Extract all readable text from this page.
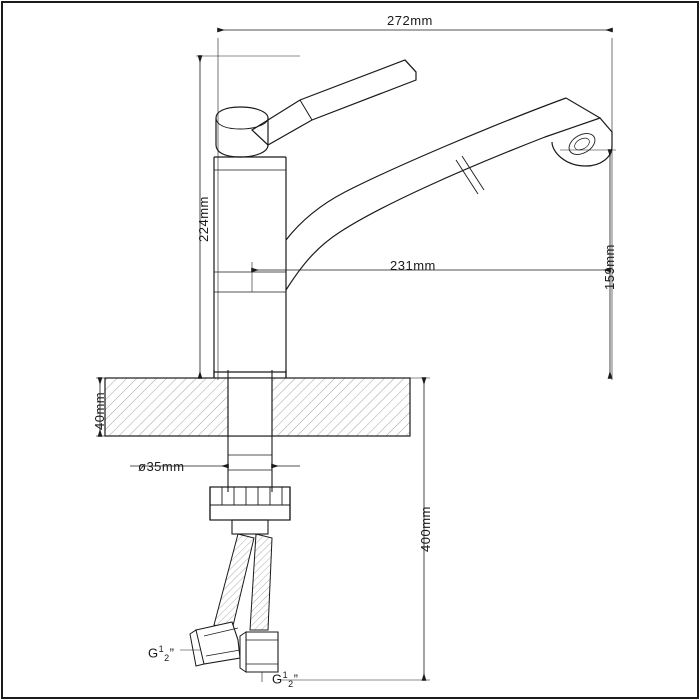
272mm
224mm
231mm	159mm
40mm
ø35mm
400mm
$G^1_2$”
$G^1_2$”
